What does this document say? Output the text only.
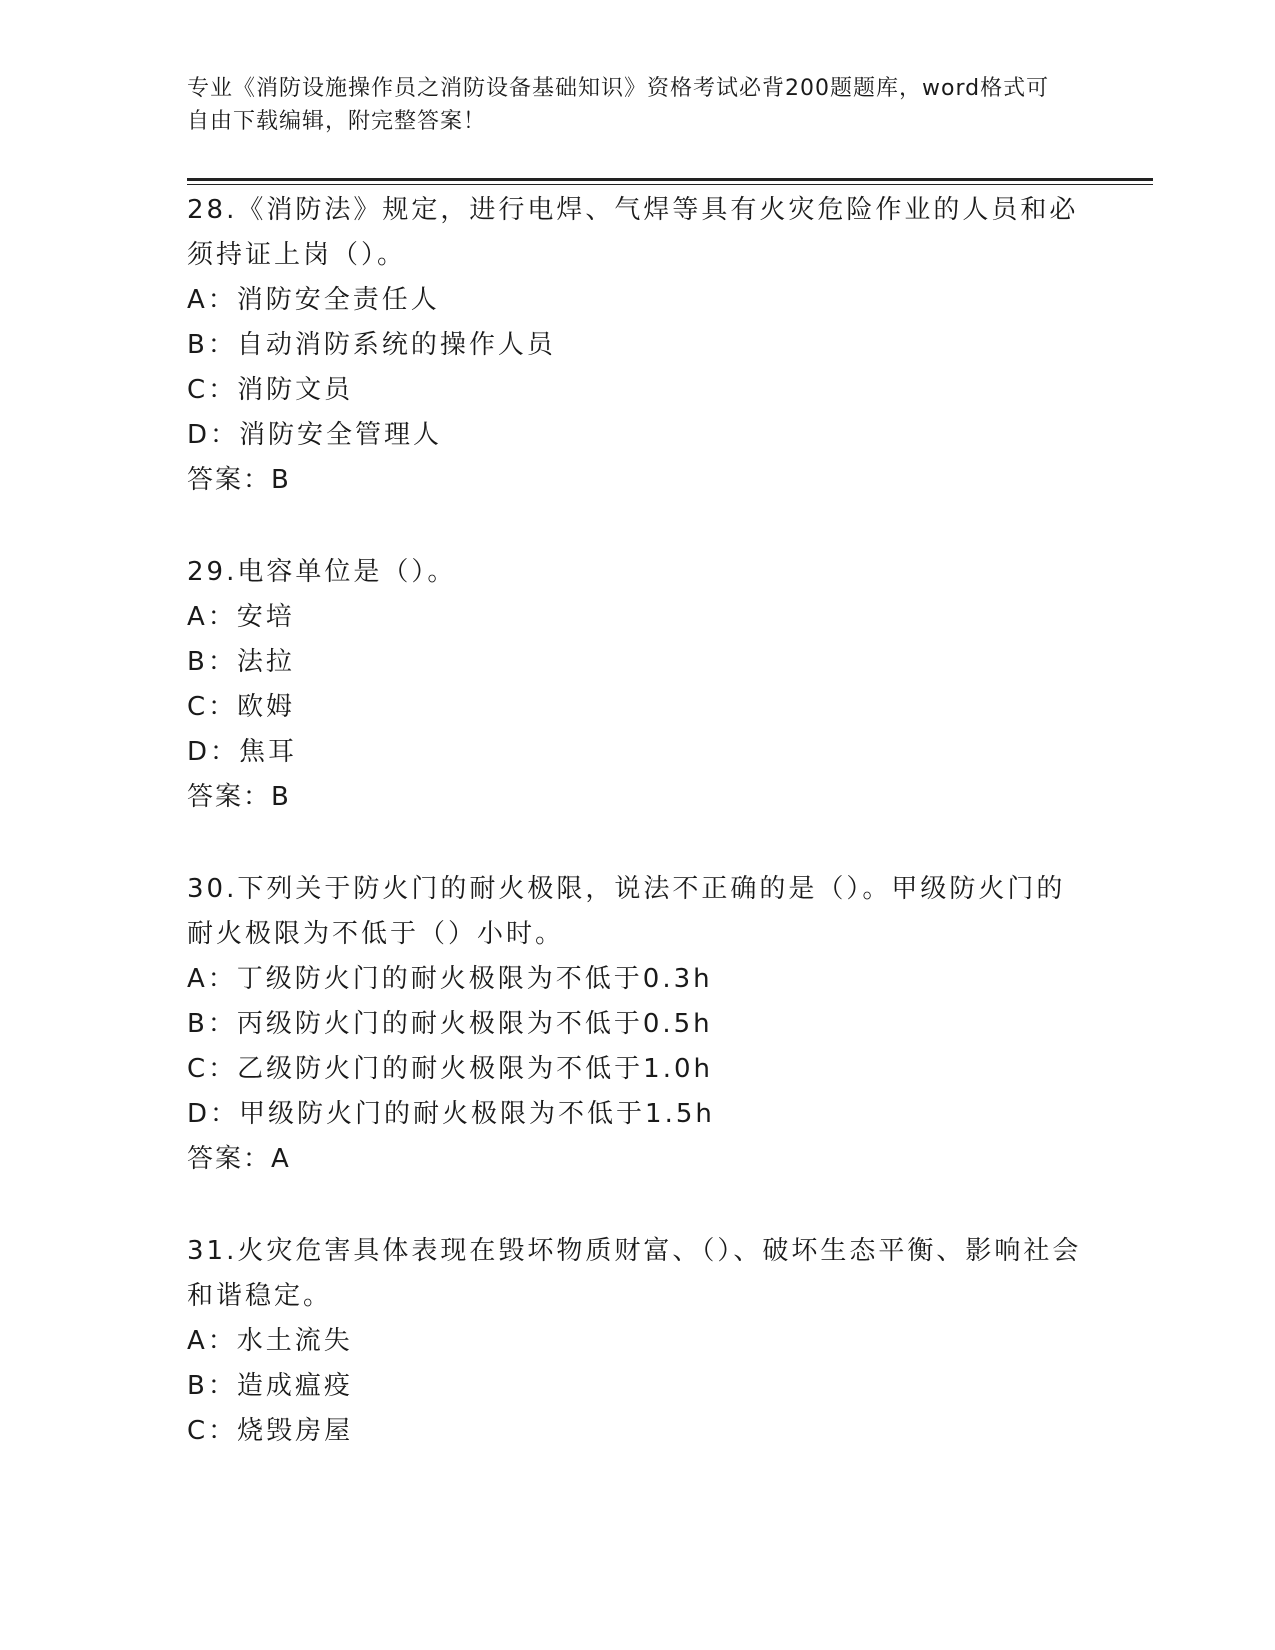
专业《消防设施操作员之消防设备基础知识》资格考试必背200题题库，word格式可自由下载编辑，附完整答案！

28.《消防法》规定，进行电焊、气焊等具有火灾危险作业的人员和必须持证上岗（）。

A：消防安全责任人

B：自动消防系统的操作人员

C：消防文员

D：消防安全管理人

答案：B

29.电容单位是（）。

A：安培

B：法拉

C：欧姆

D：焦耳

答案：B

30.下列关于防火门的耐火极限，说法不正确的是（）。甲级防火门的耐火极限为不低于（）小时。

A：丁级防火门的耐火极限为不低于0.3h

B：丙级防火门的耐火极限为不低于0.5h

C：乙级防火门的耐火极限为不低于1.0h

D：甲级防火门的耐火极限为不低于1.5h

答案：A

31.火灾危害具体表现在毁坏物质财富、（）、破坏生态平衡、影响社会和谐稳定。

A：水土流失

B：造成瘟疫

C：烧毁房屋
